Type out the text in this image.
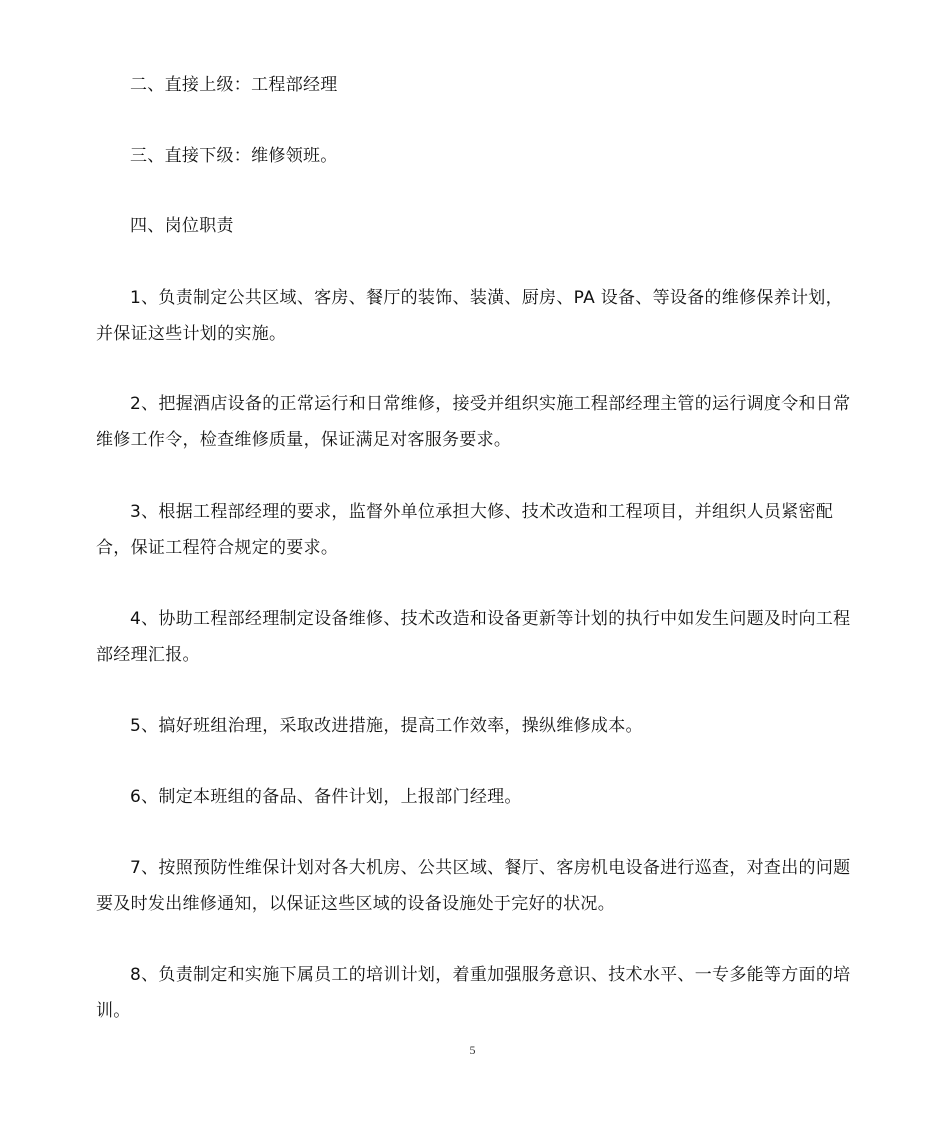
二、直接上级：工程部经理

三、直接下级：维修领班。

四、岗位职责

1、负责制定公共区域、客房、餐厅的装饰、装潢、厨房、PA 设备、等设备的维修保养计划，并保证这些计划的实施。

2、把握酒店设备的正常运行和日常维修，接受并组织实施工程部经理主管的运行调度令和日常维修工作令，检查维修质量，保证满足对客服务要求。

3、根据工程部经理的要求，监督外单位承担大修、技术改造和工程项目，并组织人员紧密配合，保证工程符合规定的要求。

4、协助工程部经理制定设备维修、技术改造和设备更新等计划的执行中如发生问题及时向工程部经理汇报。

5、搞好班组治理，采取改进措施，提高工作效率，操纵维修成本。

6、制定本班组的备品、备件计划，上报部门经理。

7、按照预防性维保计划对各大机房、公共区域、餐厅、客房机电设备进行巡查，对查出的问题要及时发出维修通知，以保证这些区域的设备设施处于完好的状况。

8、负责制定和实施下属员工的培训计划，着重加强服务意识、技术水平、一专多能等方面的培训。

5
